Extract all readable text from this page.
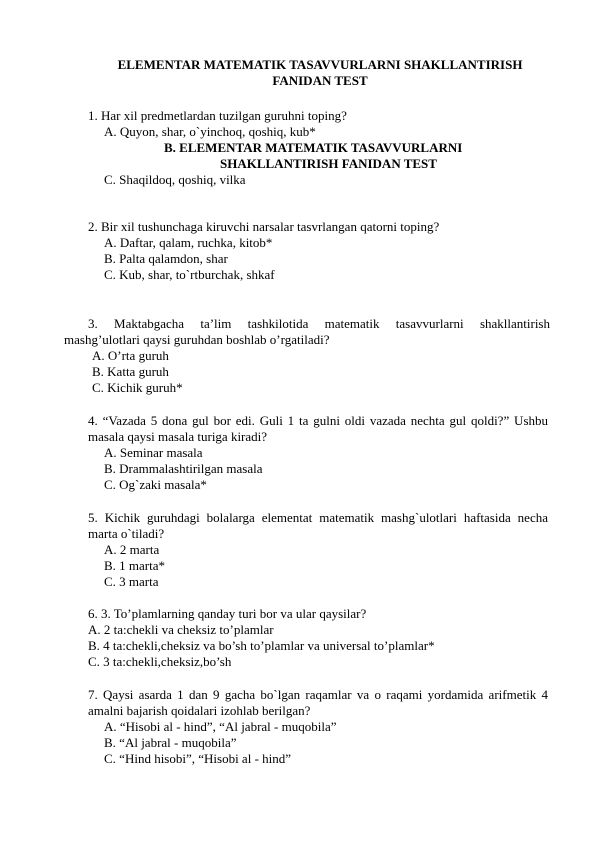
ELEMENTAR MATEMATIK TASAVVURLARNI SHAKLLANTIRISH
FANIDAN TEST
1. Har xil predmetlardan tuzilgan guruhni toping?
A. Quyon, shar, o`yinchoq, qoshiq, kub*
B. ELEMENTAR MATEMATIK TASAVVURLARNI
SHAKLLANTIRISH FANIDAN TEST
C. Shaqildoq, qoshiq, vilka
2. Bir xil tushunchaga kiruvchi narsalar tasvrlangan qatorni toping?
A. Daftar, qalam, ruchka, kitob*
B. Palta qalamdon, shar
C. Kub, shar, to`rtburchak, shkaf
3. Maktabgacha ta’lim tashkilotida matematik tasavvurlarni shakllantirish
mashg’ulotlari qaysi guruhdan boshlab o’rgatiladi?
A. O’rta guruh
B. Katta guruh
C. Kichik guruh*
4. “Vazada 5 dona gul bor edi. Guli 1 ta gulni oldi vazada nechta gul qoldi?” Ushbu masala qaysi masala turiga kiradi?
A. Seminar masala
B. Drammalashtirilgan masala
C. Og`zaki masala*
5. Kichik guruhdagi bolalarga elementat matematik mashg`ulotlari haftasida necha marta o`tiladi?
A. 2 marta
B. 1 marta*
C. 3 marta
6. 3. To’plamlarning qanday turi bor va ular qaysilar?
A. 2 ta:chekli va cheksiz to’plamlar
B. 4 ta:chekli,cheksiz va bo’sh to’plamlar va universal to’plamlar*
C. 3 ta:chekli,cheksiz,bo’sh
7. Qaysi asarda 1 dan 9 gacha bo`lgan raqamlar va o raqami yordamida arifmetik 4 amalni bajarish qoidalari izohlab berilgan?
A. “Hisobi al - hind”, “Al jabral - muqobila”
B. “Al jabral - muqobila”
C. “Hind hisobi”, “Hisobi al - hind”
